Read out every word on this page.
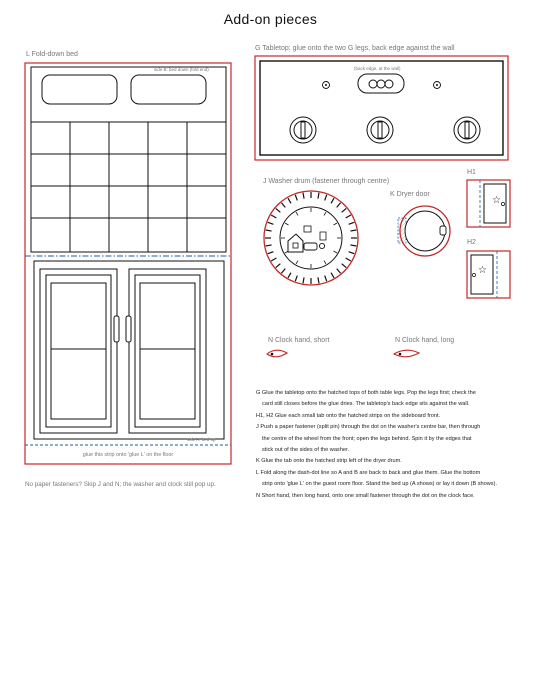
Add-on pieces
L Fold-down bed
G Tabletop: glue onto the two G legs, back edge against the wall
J Washer drum (fastener through centre)
K Dryer door
H1
H2
N Clock hand, short	N Clock hand, long
☆
☆
side B: bed down (fold end)
side A: bed up
(back edge, at the wall)
glue this strip onto 'glue L' on the floor
No paper fasteners? Skip J and N; the washer and clock still pop up.

G Glue the tabletop onto the hatched tops of both table legs. Pop the legs first; check the

card still closes before the glue dries. The tabletop's back edge sits against the wall.

H1, H2 Glue each small tab onto the hatched strips on the sideboard front.

J Push a paper fastener (split pin) through the dot on the washer's centre bar, then through

the centre of the wheel from the front; open the legs behind. Spin it by the edges that

stick out of the sides of the washer.

K Glue the tab onto the hatched strip left of the dryer drum.

L Fold along the dash-dot line so A and B are back to back and glue them. Glue the bottom

strip onto 'glue L' on the guest room floor. Stand the bed up (A shows) or lay it down (B shows).

N Short hand, then long hand, onto one small fastener through the dot on the clock face.
